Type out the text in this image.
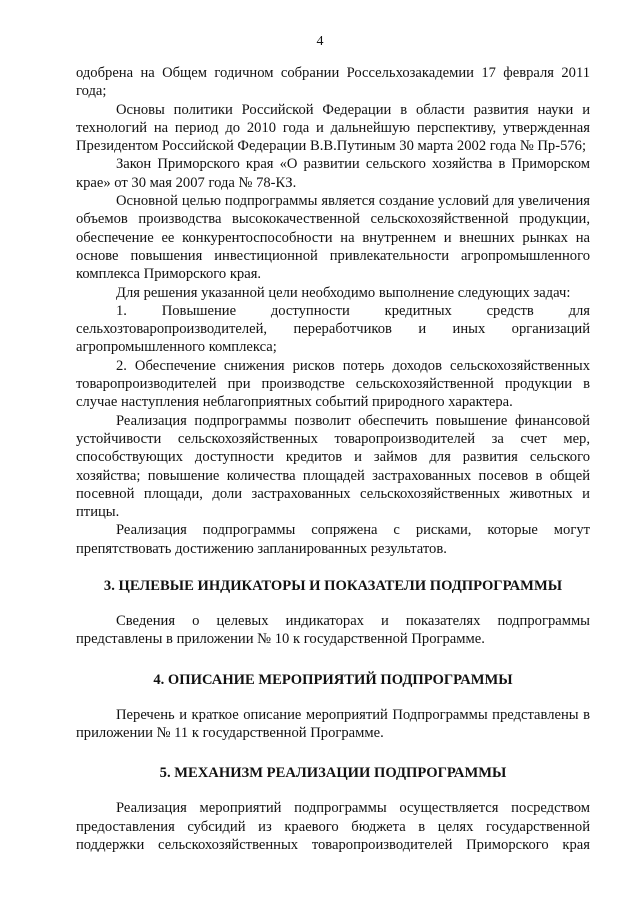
4

одобрена на Общем годичном собрании Россельхозакадемии 17 февраля 2011 года;

Основы политики Российской Федерации в области развития науки и технологий на период до 2010 года и дальнейшую перспективу, утвержденная Президентом Российской Федерации В.В.Путиным 30 марта 2002 года № Пр-576;

Закон Приморского края «О развитии сельского хозяйства в Приморском крае» от 30 мая 2007 года № 78-КЗ.

Основной целью подпрограммы является создание условий для увеличения объемов производства высококачественной сельскохозяйственной продукции, обеспечение ее конкурентоспособности на внутреннем и внешних рынках на основе повышения инвестиционной привлекательности агропромышленного комплекса Приморского края.

Для решения указанной цели необходимо выполнение следующих задач:

1. Повышение доступности кредитных средств для сельхозтоваропроизводителей, переработчиков и иных организаций агропромышленного комплекса;

2. Обеспечение снижения рисков потерь доходов сельскохозяйственных товаропроизводителей при производстве сельскохозяйственной продукции в случае наступления неблагоприятных событий природного характера.

Реализация подпрограммы позволит обеспечить повышение финансовой устойчивости сельскохозяйственных товаропроизводителей за счет мер, способствующих доступности кредитов и займов для развития сельского хозяйства; повышение количества площадей застрахованных посевов в общей посевной площади, доли застрахованных сельскохозяйственных животных и птицы.

Реализация подпрограммы сопряжена с рисками, которые могут препятствовать достижению запланированных результатов.

3. ЦЕЛЕВЫЕ ИНДИКАТОРЫ И ПОКАЗАТЕЛИ ПОДПРОГРАММЫ

Сведения о целевых индикаторах и показателях подпрограммы представлены в приложении № 10 к государственной Программе.

4. ОПИСАНИЕ МЕРОПРИЯТИЙ ПОДПРОГРАММЫ

Перечень и краткое описание мероприятий Подпрограммы представлены в приложении № 11 к государственной Программе.

5. МЕХАНИЗМ РЕАЛИЗАЦИИ ПОДПРОГРАММЫ

Реализация мероприятий подпрограммы осуществляется посредством предоставления субсидий из краевого бюджета в целях государственной поддержки сельскохозяйственных товаропроизводителей Приморского края
